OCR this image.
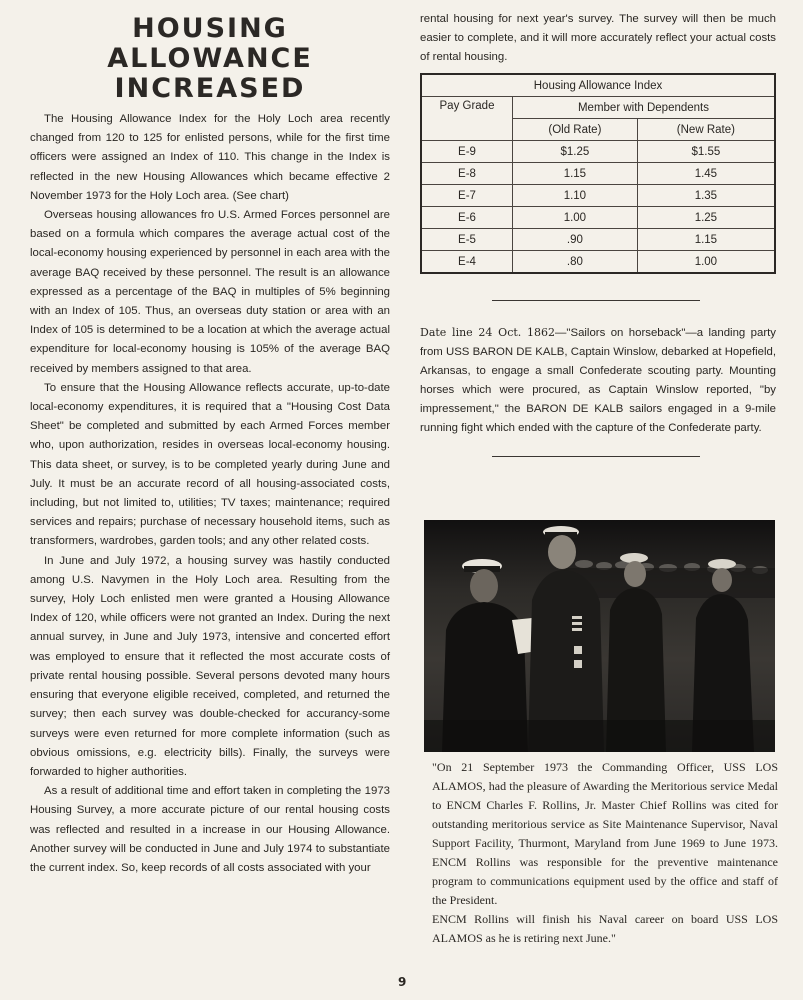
HOUSING ALLOWANCE
INCREASED

The Housing Allowance Index for the Holy Loch area recently changed from 120 to 125 for enlisted persons, while for the first time officers were assigned an Index of 110. This change in the Index is reflected in the new Housing Allowances which became effective 2 November 1973 for the Holy Loch area. (See chart)

Overseas housing allowances fro U.S. Armed Forces personnel are based on a formula which compares the average actual cost of the local-economy housing experienced by personnel in each area with the average BAQ received by these personnel. The result is an allowance expressed as a percentage of the BAQ in multiples of 5% beginning with an Index of 105. Thus, an overseas duty station or area with an Index of 105 is determined to be a location at which the average actual expenditure for local-economy housing is 105% of the average BAQ received by members assigned to that area.

To ensure that the Housing Allowance reflects accurate, up-to-date local-economy expenditures, it is required that a "Housing Cost Data Sheet" be completed and submitted by each Armed Forces member who, upon authorization, resides in overseas local-economy housing. This data sheet, or survey, is to be completed yearly during June and July. It must be an accurate record of all housing-associated costs, including, but not limited to, utilities; TV taxes; maintenance; required services and repairs; purchase of necessary household items, such as transformers, wardrobes, garden tools; and any other related costs.

In June and July 1972, a housing survey was hastily conducted among U.S. Navymen in the Holy Loch area. Resulting from the survey, Holy Loch enlisted men were granted a Housing Allowance Index of 120, while officers were not granted an Index. During the next annual survey, in June and July 1973, intensive and concerted effort was employed to ensure that it reflected the most accurate costs of private rental housing possible. Several persons devoted many hours ensuring that everyone eligible received, completed, and returned the survey; then each survey was double-checked for accurancy-some surveys were even returned for more complete information (such as obvious omissions, e.g. electricity bills). Finally, the surveys were forwarded to higher authorities.

As a result of additional time and effort taken in completing the 1973 Housing Survey, a more accurate picture of our rental housing costs was reflected and resulted in a increase in our Housing Allowance. Another survey will be conducted in June and July 1974 to substantiate the current index. So, keep records of all costs associated with your

rental housing for next year's survey. The survey will then be much easier to complete, and it will more accurately reflect your actual costs of rental housing.

Housing Allowance Index		
Pay Grade	Member with Dependents	
	(Old Rate)	(New Rate)
E-9	$1.25	$1.55
E-8	1.15	1.45
E-7	1.10	1.35
E-6	1.00	1.25
E-5	.90	1.15
E-4	.80	1.00

Date line 24 Oct. 1862—"Sailors on horseback"—a landing party from USS BARON DE KALB, Captain Winslow, debarked at Hopefield, Arkansas, to engage a small Confederate scouting party. Mounting horses which were procured, as Captain Winslow reported, "by impressement," the BARON DE KALB sailors engaged in a 9-mile running fight which ended with the capture of the Confederate party.

"On 21 September 1973 the Commanding Officer, USS LOS ALAMOS, had the pleasure of Awarding the Meritorious service Medal to ENCM Charles F. Rollins, Jr. Master Chief Rollins was cited for outstanding meritorious service as Site Maintenance Supervisor, Naval Support Facility, Thurmont, Maryland from June 1969 to June 1973. ENCM Rollins was responsible for the preventive maintenance program to communications equipment used by the office and staff of the President.

ENCM Rollins will finish his Naval career on board USS LOS ALAMOS as he is retiring next June."

9
